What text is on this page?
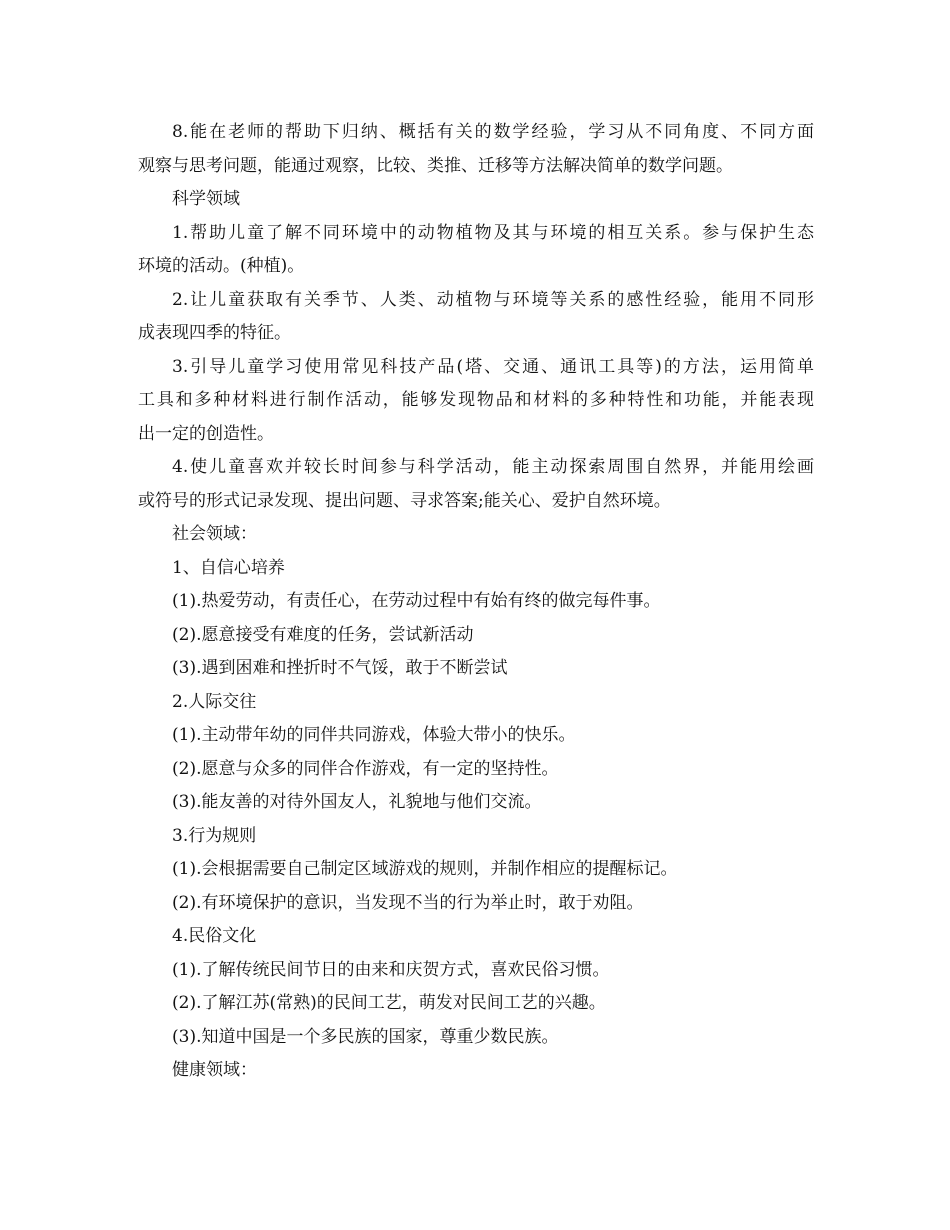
8.能在老师的帮助下归纳、概括有关的数学经验，学习从不同角度、不同方面
观察与思考问题，能通过观察，比较、类推、迁移等方法解决简单的数学问题。
科学领域
1.帮助儿童了解不同环境中的动物植物及其与环境的相互关系。参与保护生态
环境的活动。(种植)。
2.让儿童获取有关季节、人类、动植物与环境等关系的感性经验，能用不同形
成表现四季的特征。
3.引导儿童学习使用常见科技产品(塔、交通、通讯工具等)的方法，运用简单
工具和多种材料进行制作活动，能够发现物品和材料的多种特性和功能，并能表现
出一定的创造性。
4.使儿童喜欢并较长时间参与科学活动，能主动探索周围自然界，并能用绘画
或符号的形式记录发现、提出问题、寻求答案;能关心、爱护自然环境。
社会领域：
1、自信心培养
(1).热爱劳动，有责任心，在劳动过程中有始有终的做完每件事。
(2).愿意接受有难度的任务，尝试新活动
(3).遇到困难和挫折时不气馁，敢于不断尝试
2.人际交往
(1).主动带年幼的同伴共同游戏，体验大带小的快乐。
(2).愿意与众多的同伴合作游戏，有一定的坚持性。
(3).能友善的对待外国友人，礼貌地与他们交流。
3.行为规则
(1).会根据需要自己制定区域游戏的规则，并制作相应的提醒标记。
(2).有环境保护的意识，当发现不当的行为举止时，敢于劝阻。
4.民俗文化
(1).了解传统民间节日的由来和庆贺方式，喜欢民俗习惯。
(2).了解江苏(常熟)的民间工艺，萌发对民间工艺的兴趣。
(3).知道中国是一个多民族的国家，尊重少数民族。
健康领域：
